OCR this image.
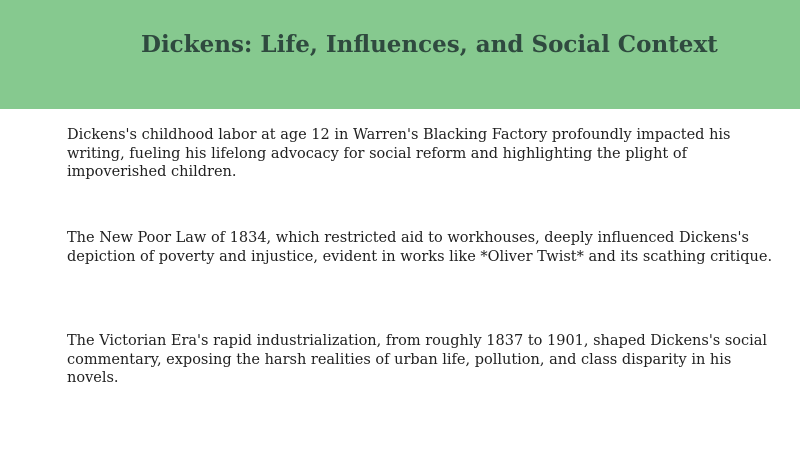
Dickens: Life, Influences, and Social Context

Dickens's childhood labor at age 12 in Warren's Blacking Factory profoundly impacted his writing, fueling his lifelong advocacy for social reform and highlighting the plight of impoverished children.

The New Poor Law of 1834, which restricted aid to workhouses, deeply influenced Dickens's depiction of poverty and injustice, evident in works like *Oliver Twist* and its scathing critique.

The Victorian Era's rapid industrialization, from roughly 1837 to 1901, shaped Dickens's social commentary, exposing the harsh realities of urban life, pollution, and class disparity in his novels.
